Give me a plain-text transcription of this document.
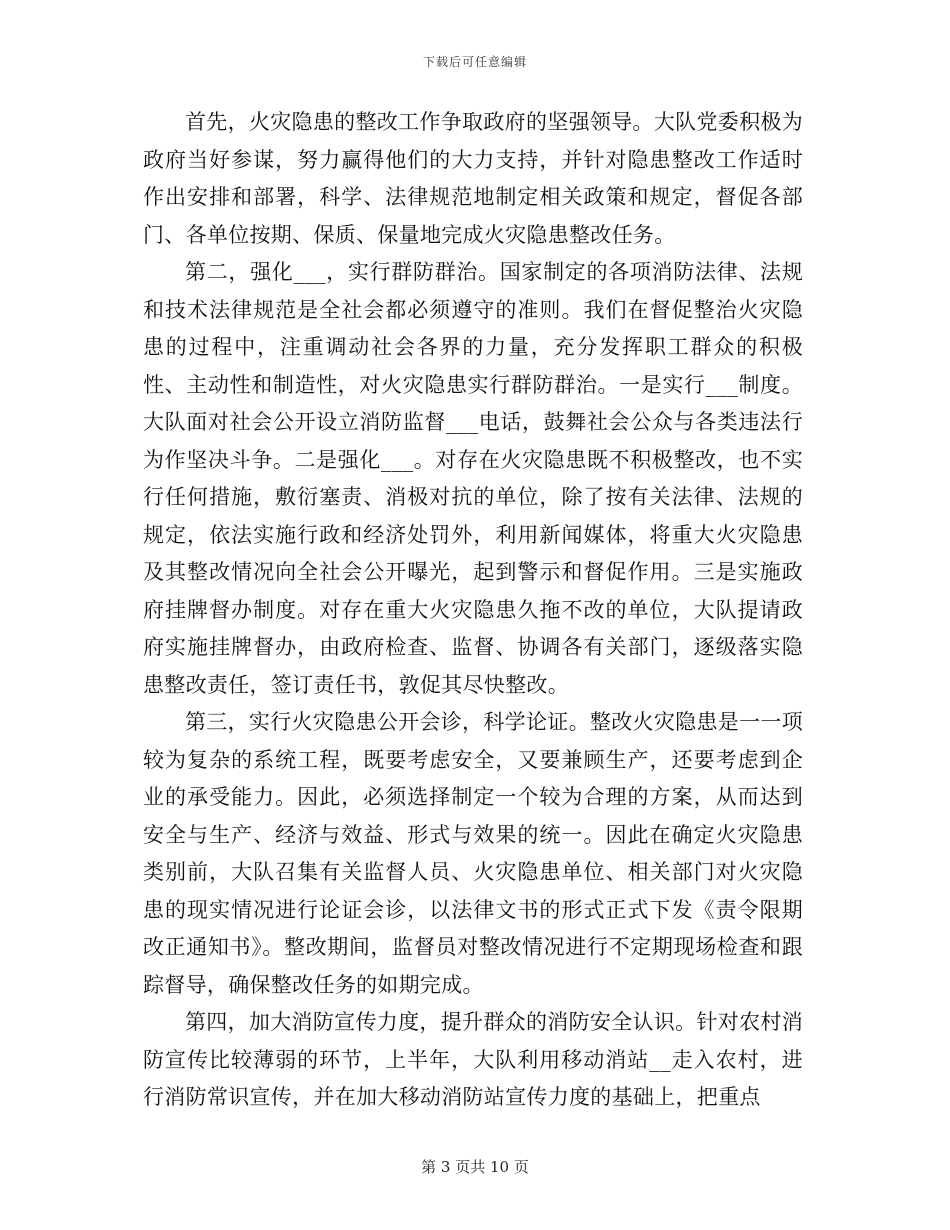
下载后可任意编辑

首先，火灾隐患的整改工作争取政府的坚强领导。大队党委积极为政府当好参谋，努力赢得他们的大力支持，并针对隐患整改工作适时作出安排和部署，科学、法律规范地制定相关政策和规定，督促各部门、各单位按期、保质、保量地完成火灾隐患整改任务。

第二，强化___，实行群防群治。国家制定的各项消防法律、法规和技术法律规范是全社会都必须遵守的准则。我们在督促整治火灾隐患的过程中，注重调动社会各界的力量，充分发挥职工群众的积极性、主动性和制造性，对火灾隐患实行群防群治。一是实行___制度。大队面对社会公开设立消防监督___电话，鼓舞社会公众与各类违法行为作坚决斗争。二是强化___。对存在火灾隐患既不积极整改，也不实行任何措施，敷衍塞责、消极对抗的单位，除了按有关法律、法规的规定，依法实施行政和经济处罚外，利用新闻媒体，将重大火灾隐患及其整改情况向全社会公开曝光，起到警示和督促作用。三是实施政府挂牌督办制度。对存在重大火灾隐患久拖不改的单位，大队提请政府实施挂牌督办，由政府检查、监督、协调各有关部门，逐级落实隐患整改责任，签订责任书，敦促其尽快整改。

第三，实行火灾隐患公开会诊，科学论证。整改火灾隐患是一一项较为复杂的系统工程，既要考虑安全，又要兼顾生产，还要考虑到企业的承受能力。因此，必须选择制定一个较为合理的方案，从而达到安全与生产、经济与效益、形式与效果的统一。因此在确定火灾隐患类别前，大队召集有关监督人员、火灾隐患单位、相关部门对火灾隐患的现实情况进行论证会诊，以法律文书的形式正式下发《责令限期改正通知书》。整改期间，监督员对整改情况进行不定期现场检查和跟踪督导，确保整改任务的如期完成。

第四，加大消防宣传力度，提升群众的消防安全认识。针对农村消防宣传比较薄弱的环节，上半年，大队利用移动消站__走入农村，进行消防常识宣传，并在加大移动消防站宣传力度的基础上，把重点

第 3 页共 10 页
